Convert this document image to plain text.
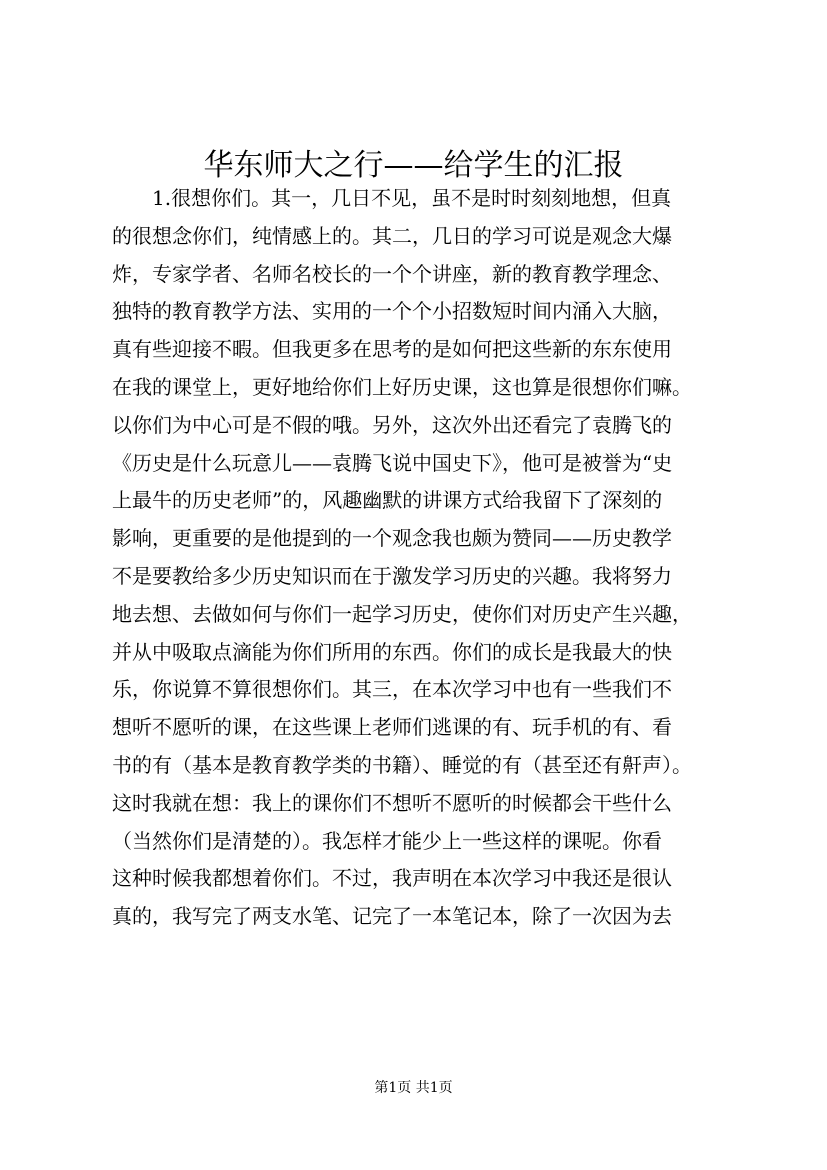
华东师大之行——给学生的汇报
1.很想你们。其一，几日不见，虽不是时时刻刻地想，但真
的很想念你们，纯情感上的。其二，几日的学习可说是观念大爆
炸，专家学者、名师名校长的一个个讲座，新的教育教学理念、
独特的教育教学方法、实用的一个个小招数短时间内涌入大脑，
真有些迎接不暇。但我更多在思考的是如何把这些新的东东使用
在我的课堂上，更好地给你们上好历史课，这也算是很想你们嘛。
以你们为中心可是不假的哦。另外，这次外出还看完了袁腾飞的
《历史是什么玩意儿——袁腾飞说中国史下》，他可是被誉为“史
上最牛的历史老师”的，风趣幽默的讲课方式给我留下了深刻的
影响，更重要的是他提到的一个观念我也颇为赞同——历史教学
不是要教给多少历史知识而在于激发学习历史的兴趣。我将努力
地去想、去做如何与你们一起学习历史，使你们对历史产生兴趣，
并从中吸取点滴能为你们所用的东西。你们的成长是我最大的快
乐，你说算不算很想你们。其三，在本次学习中也有一些我们不
想听不愿听的课，在这些课上老师们逃课的有、玩手机的有、看
书的有（基本是教育教学类的书籍）、睡觉的有（甚至还有鼾声）。
这时我就在想：我上的课你们不想听不愿听的时候都会干些什么
（当然你们是清楚的）。我怎样才能少上一些这样的课呢。你看
这种时候我都想着你们。不过，我声明在本次学习中我还是很认
真的，我写完了两支水笔、记完了一本笔记本，除了一次因为去
第1页 共1页
